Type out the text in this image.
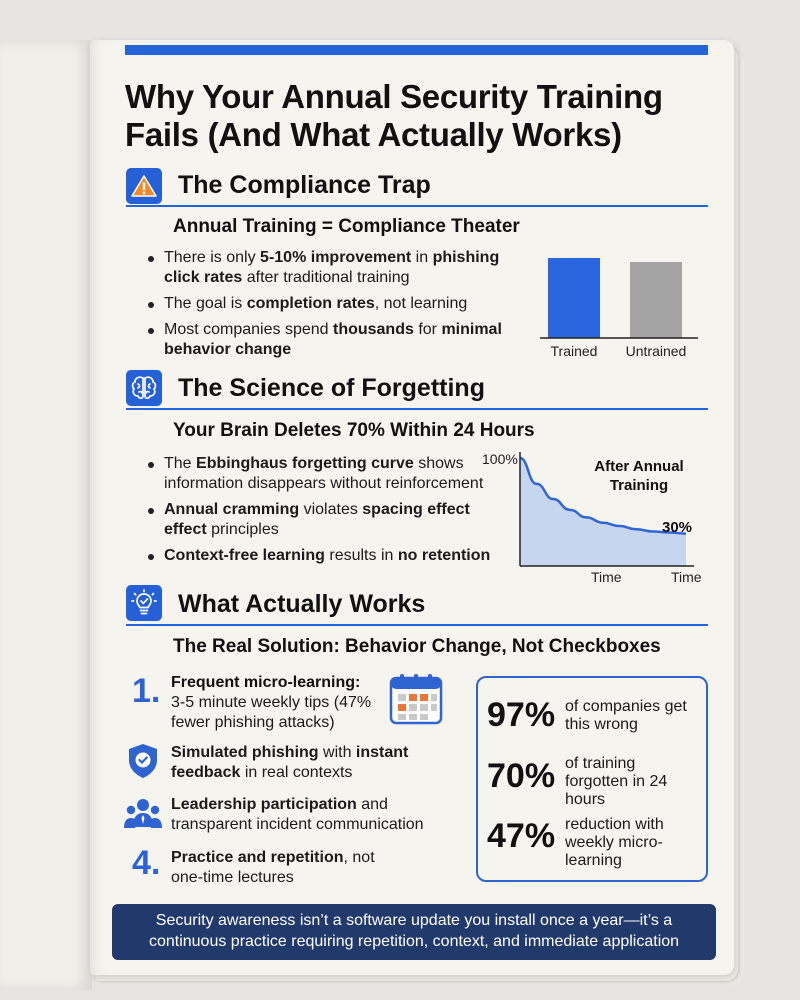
Why Your Annual Security Training Fails (And What Actually Works)
The Compliance Trap
Annual Training = Compliance Theater
There is only 5-10% improvement in phishing click rates after traditional training
The goal is completion rates, not learning
Most companies spend thousands for minimal behavior change	Trained Untrained
The Science of Forgetting
Your Brain Deletes 70% Within 24 Hours
The Ebbinghaus forgetting curve shows information disappears without reinforcement
Annual cramming violates spacing effect effect principles
Context-free learning results in no retention
100%	After Annual Training
30%
Time	Time
What Actually Works
The Real Solution: Behavior Change, Not Checkboxes
1. Frequent micro-learning:
3-5 minute weekly tips (47% fewer phishing attacks)
Simulated phishing with instant feedback in real contexts
Leadership participation and transparent incident communication
4. Practice and repetition, not one-time lectures
97% of companies get this wrong
70% of training forgotten in 24 hours
47% reduction with weekly micro-learning
Security awareness isn’t a software update you install once a year—it’s a continuous practice requiring repetition, context, and immediate application
